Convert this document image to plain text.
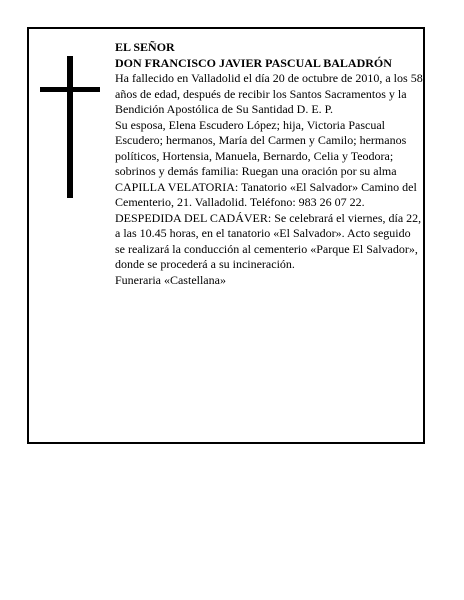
EL SEÑOR

DON FRANCISCO JAVIER PASCUAL BALADRÓN

Ha fallecido en Valladolid el día 20 de octubre de 2010, a los 58 años de edad, después de recibir los Santos Sacramentos y la Bendición Apostólica de Su Santidad D. E. P.

Su esposa, Elena Escudero López; hija, Victoria Pascual Escudero; hermanos, María del Carmen y Camilo; hermanos políticos, Hortensia, Manuela, Bernardo, Celia y Teodora; sobrinos y demás familia: Ruegan una oración por su alma

CAPILLA VELATORIA: Tanatorio «El Salvador» Camino del Cementerio, 21. Valladolid. Teléfono: 983 26 07 22.

DESPEDIDA DEL CADÁVER: Se celebrará el viernes, día 22, a las 10.45 horas, en el tanatorio «El Salvador». Acto seguido se realizará la conducción al cementerio «Parque El Salvador», donde se procederá a su incineración.

Funeraria «Castellana»
